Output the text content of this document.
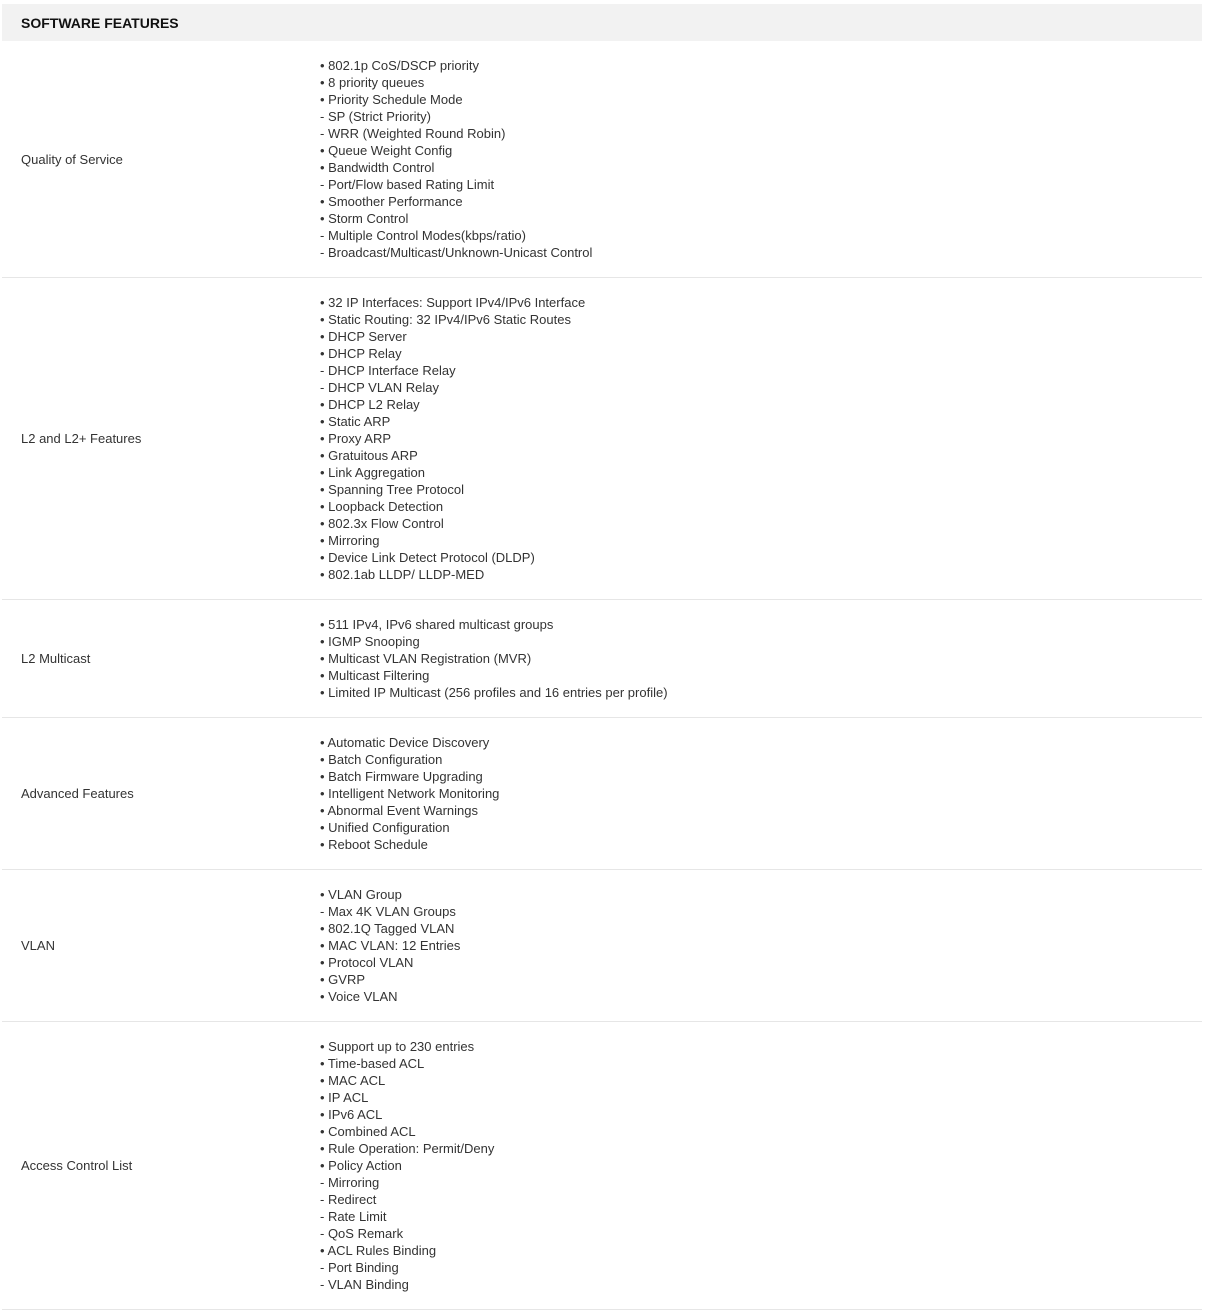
SOFTWARE FEATURES
Quality of Service
• 802.1p CoS/DSCP priority
• 8 priority queues
• Priority Schedule Mode
- SP (Strict Priority)
- WRR (Weighted Round Robin)
• Queue Weight Config
• Bandwidth Control
- Port/Flow based Rating Limit
• Smoother Performance
• Storm Control
- Multiple Control Modes(kbps/ratio)
- Broadcast/Multicast/Unknown-Unicast Control
L2 and L2+ Features
• 32 IP Interfaces: Support IPv4/IPv6 Interface
• Static Routing: 32 IPv4/IPv6 Static Routes
• DHCP Server
• DHCP Relay
- DHCP Interface Relay
- DHCP VLAN Relay
• DHCP L2 Relay
• Static ARP
• Proxy ARP
• Gratuitous ARP
• Link Aggregation
• Spanning Tree Protocol
• Loopback Detection
• 802.3x Flow Control
• Mirroring
• Device Link Detect Protocol (DLDP)
• 802.1ab LLDP/ LLDP-MED
L2 Multicast
• 511 IPv4, IPv6 shared multicast groups
• IGMP Snooping
• Multicast VLAN Registration (MVR)
• Multicast Filtering
• Limited IP Multicast (256 profiles and 16 entries per profile)
Advanced Features
• Automatic Device Discovery
• Batch Configuration
• Batch Firmware Upgrading
• Intelligent Network Monitoring
• Abnormal Event Warnings
• Unified Configuration
• Reboot Schedule
VLAN
• VLAN Group
- Max 4K VLAN Groups
• 802.1Q Tagged VLAN
• MAC VLAN: 12 Entries
• Protocol VLAN
• GVRP
• Voice VLAN
Access Control List
• Support up to 230 entries
• Time-based ACL
• MAC ACL
• IP ACL
• IPv6 ACL
• Combined ACL
• Rule Operation: Permit/Deny
• Policy Action
- Mirroring
- Redirect
- Rate Limit
- QoS Remark
• ACL Rules Binding
- Port Binding
- VLAN Binding
